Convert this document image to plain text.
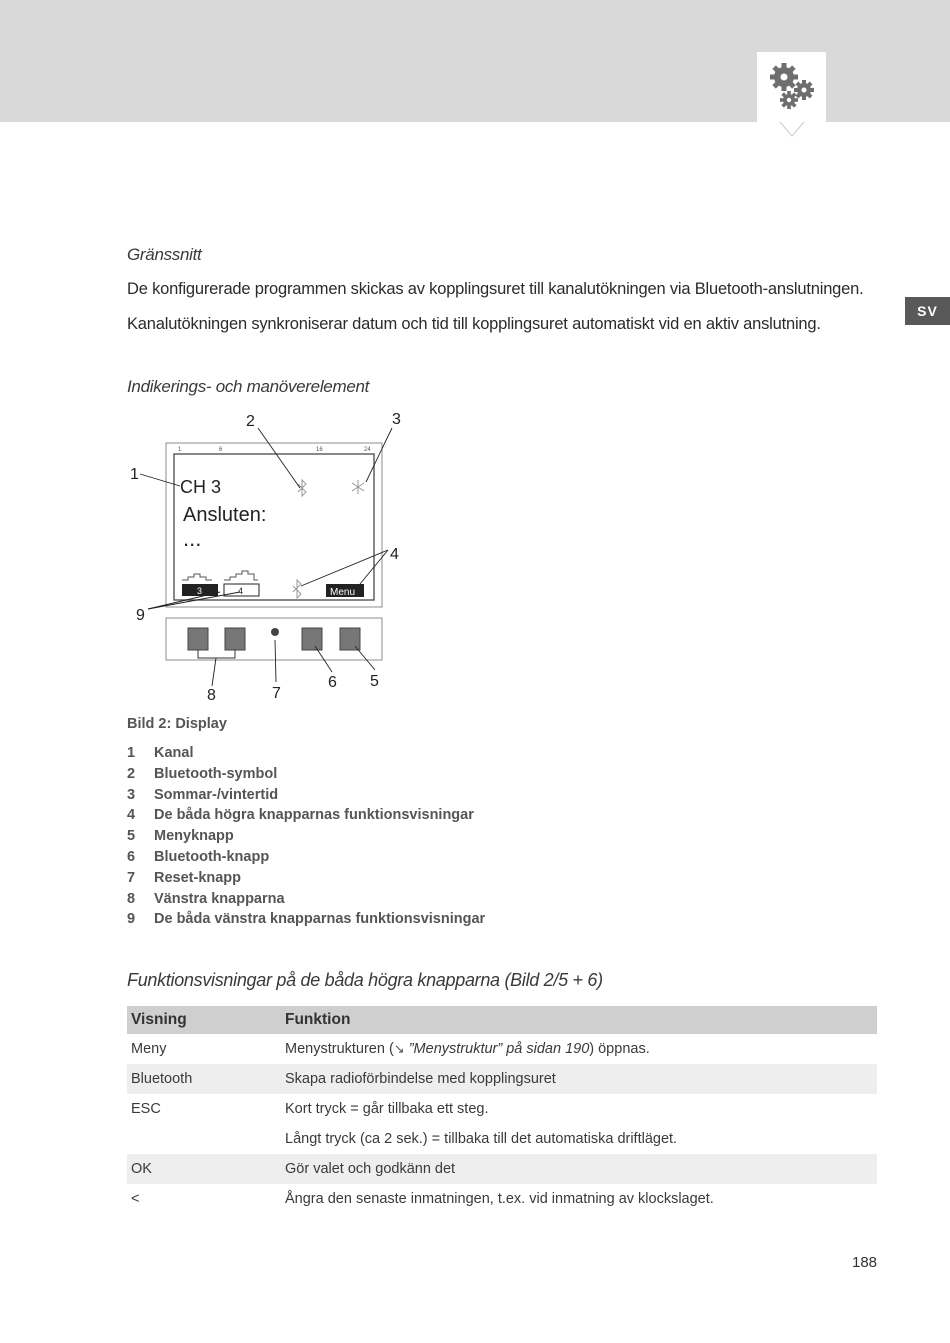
SV
Gränssnitt
De konfigurerade programmen skickas av kopplingsuret till kanalutökningen via Bluetooth-anslutningen.
Kanalutökningen synkroniserar datum och tid till kopplingsuret automatiskt vid en aktiv anslutning.
Indikerings- och manöverelement
1	6	16	24
CH 3
Ansluten:
...
3	4	Menu
1
2	3
4
5
6
7
8
9
Bild 2: Display
1 Kanal
2 Bluetooth-symbol
3 Sommar-/vintertid
4 De båda högra knapparnas funktionsvisningar
5 Menyknapp
6 Bluetooth-knapp
7 Reset-knapp
8 Vänstra knapparna
9 De båda vänstra knapparnas funktionsvisningar
Funktionsvisningar på de båda högra knapparna (Bild 2/5 + 6)
Visning	Funktion
Meny	Menystrukturen (↘ ”Menystruktur” på sidan 190) öppnas.
Bluetooth	Skapa radioförbindelse med kopplingsuret
ESC	Kort tryck = går tillbaka ett steg.
	Långt tryck (ca 2 sek.) = tillbaka till det automatiska driftläget.
OK	Gör valet och godkänn det
<	Ångra den senaste inmatningen, t.ex. vid inmatning av klockslaget.
188
